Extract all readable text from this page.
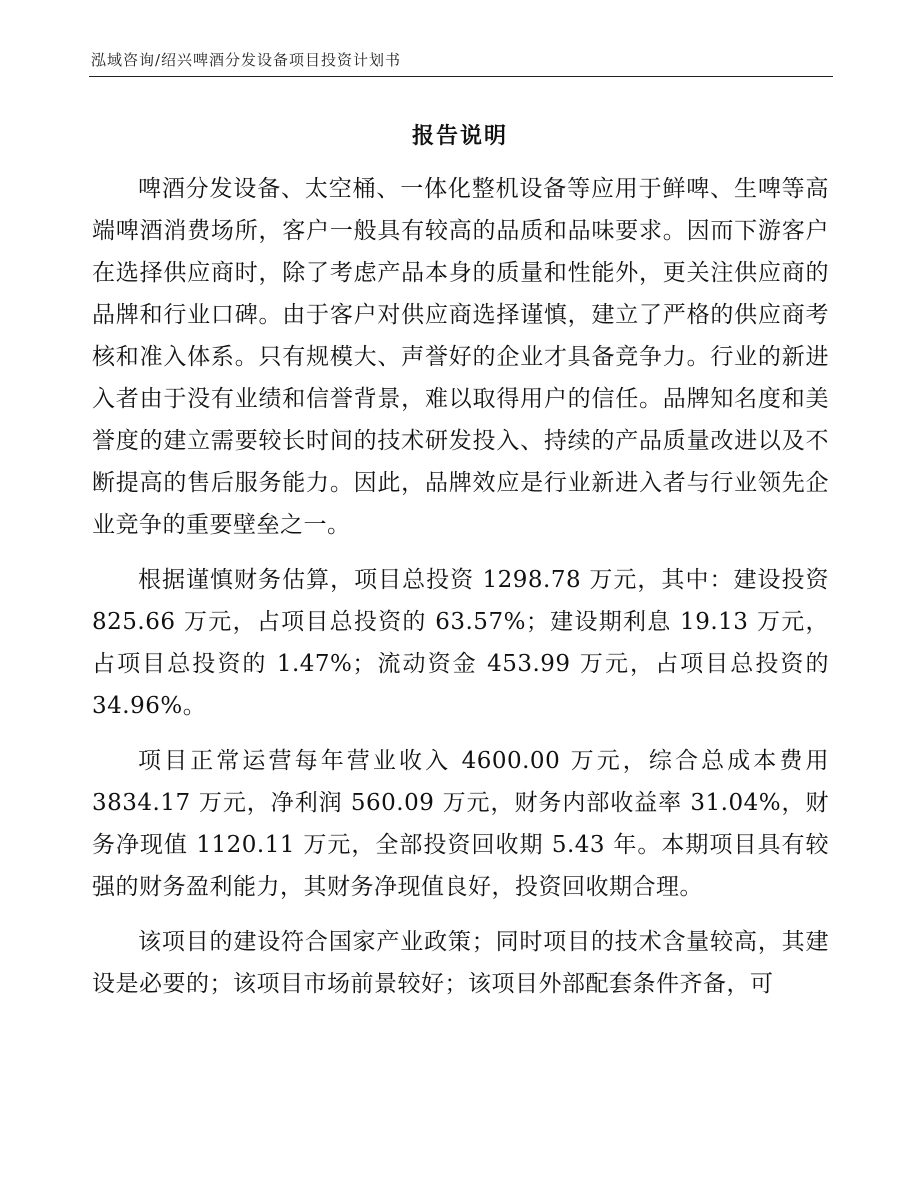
泓域咨询/绍兴啤酒分发设备项目投资计划书
报告说明

啤酒分发设备、太空桶、一体化整机设备等应用于鲜啤、生啤等高端啤酒消费场所，客户一般具有较高的品质和品味要求。因而下游客户在选择供应商时，除了考虑产品本身的质量和性能外，更关注供应商的品牌和行业口碑。由于客户对供应商选择谨慎，建立了严格的供应商考核和准入体系。只有规模大、声誉好的企业才具备竞争力。行业的新进入者由于没有业绩和信誉背景，难以取得用户的信任。品牌知名度和美誉度的建立需要较长时间的技术研发投入、持续的产品质量改进以及不断提高的售后服务能力。因此，品牌效应是行业新进入者与行业领先企业竞争的重要壁垒之一。

根据谨慎财务估算，项目总投资 1298.78 万元，其中：建设投资 825.66 万元，占项目总投资的 63.57%；建设期利息 19.13 万元，占项目总投资的 1.47%；流动资金 453.99 万元，占项目总投资的 34.96%。

项目正常运营每年营业收入 4600.00 万元，综合总成本费用 3834.17 万元，净利润 560.09 万元，财务内部收益率 31.04%，财务净现值 1120.11 万元，全部投资回收期 5.43 年。本期项目具有较强的财务盈利能力，其财务净现值良好，投资回收期合理。

该项目的建设符合国家产业政策；同时项目的技术含量较高，其建设是必要的；该项目市场前景较好；该项目外部配套条件齐备，可
